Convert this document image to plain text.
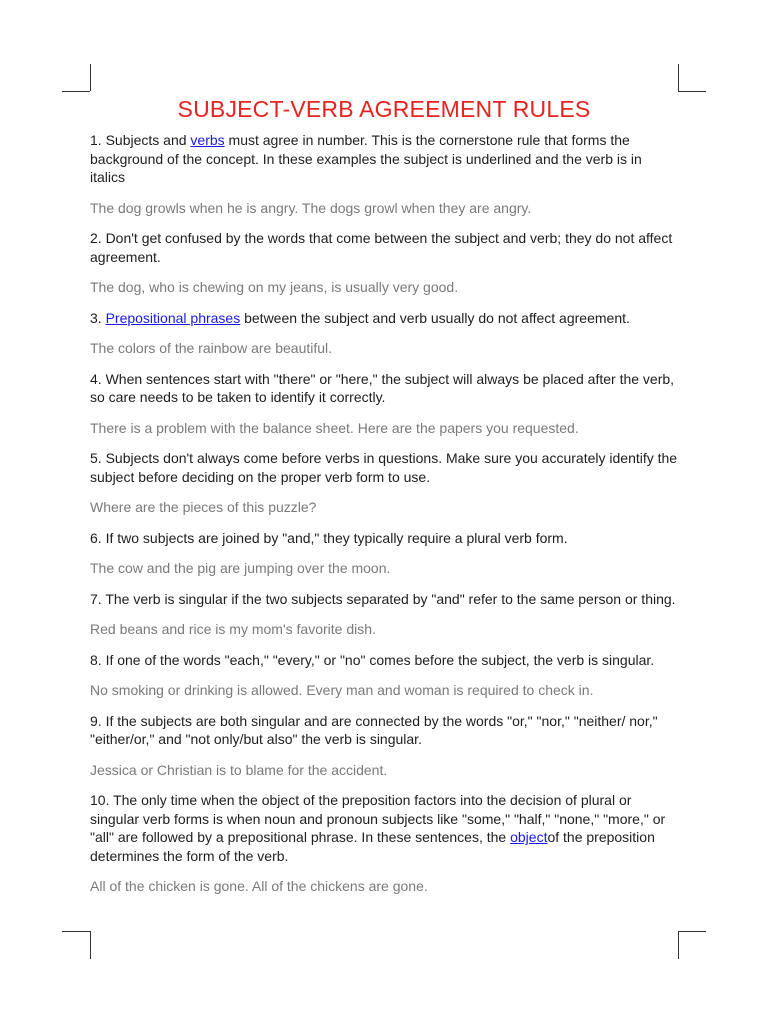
SUBJECT-VERB AGREEMENT RULES

1. Subjects and verbs must agree in number. This is the cornerstone rule that forms the background of the concept. In these examples the subject is underlined and the verb is in italics

The dog growls when he is angry. The dogs growl when they are angry.

2. Don't get confused by the words that come between the subject and verb; they do not affect agreement.

The dog, who is chewing on my jeans, is usually very good.

3. Prepositional phrases between the subject and verb usually do not affect agreement.

The colors of the rainbow are beautiful.

4. When sentences start with "there" or "here," the subject will always be placed after the verb, so care needs to be taken to identify it correctly.

There is a problem with the balance sheet. Here are the papers you requested.

5. Subjects don't always come before verbs in questions. Make sure you accurately identify the subject before deciding on the proper verb form to use.

Where are the pieces of this puzzle?

6. If two subjects are joined by "and," they typically require a plural verb form.

The cow and the pig are jumping over the moon.

7. The verb is singular if the two subjects separated by "and" refer to the same person or thing.

Red beans and rice is my mom's favorite dish.

8. If one of the words "each," "every," or "no" comes before the subject, the verb is singular.

No smoking or drinking is allowed. Every man and woman is required to check in.

9. If the subjects are both singular and are connected by the words "or," "nor," "neither/ nor," "either/or," and "not only/but also" the verb is singular.

Jessica or Christian is to blame for the accident.

10. The only time when the object of the preposition factors into the decision of plural or singular verb forms is when noun and pronoun subjects like "some," "half," "none," "more," or "all" are followed by a prepositional phrase. In these sentences, the objectof the preposition determines the form of the verb.

All of the chicken is gone. All of the chickens are gone.
